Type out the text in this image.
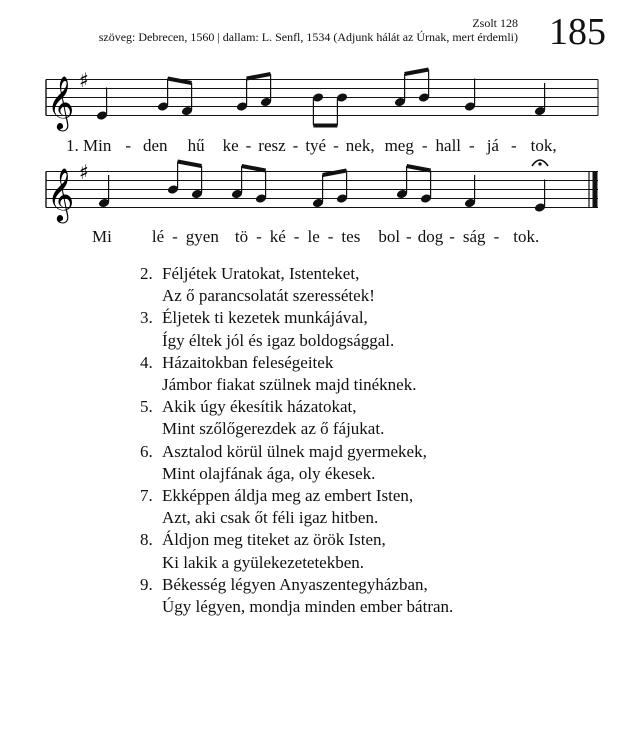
Zsolt 128
szöveg: Debrecen, 1560 | dallam: L. Senfl, 1534 (Adjunk hálát az Úrnak, mert érdemli) 185
𝄞 ♯
1. Min - den hű ke - resz - tyé - nek, meg - hall - já - tok,
𝄞 ♯
Mi lé - gyen tö - ké - le - tes bol - dog - ság - tok.
2. Féljétek Uratokat, Istenteket,
Az ő parancsolatát szeressétek!
3. Éljetek ti kezetek munkájával,
Így éltek jól és igaz boldogsággal.
4. Házaitokban feleségeitek
Jámbor fiakat szülnek majd tinéknek.
5. Akik úgy ékesítik házatokat,
Mint szőlőgerezdek az ő fájukat.
6. Asztalod körül ülnek majd gyermekek,
Mint olajfának ága, oly ékesek.
7. Ekképpen áldja meg az embert Isten,
Azt, aki csak őt féli igaz hitben.
8. Áldjon meg titeket az örök Isten,
Ki lakik a gyülekezetetekben.
9. Békesség légyen Anyaszentegyházban,
Úgy légyen, mondja minden ember bátran.
